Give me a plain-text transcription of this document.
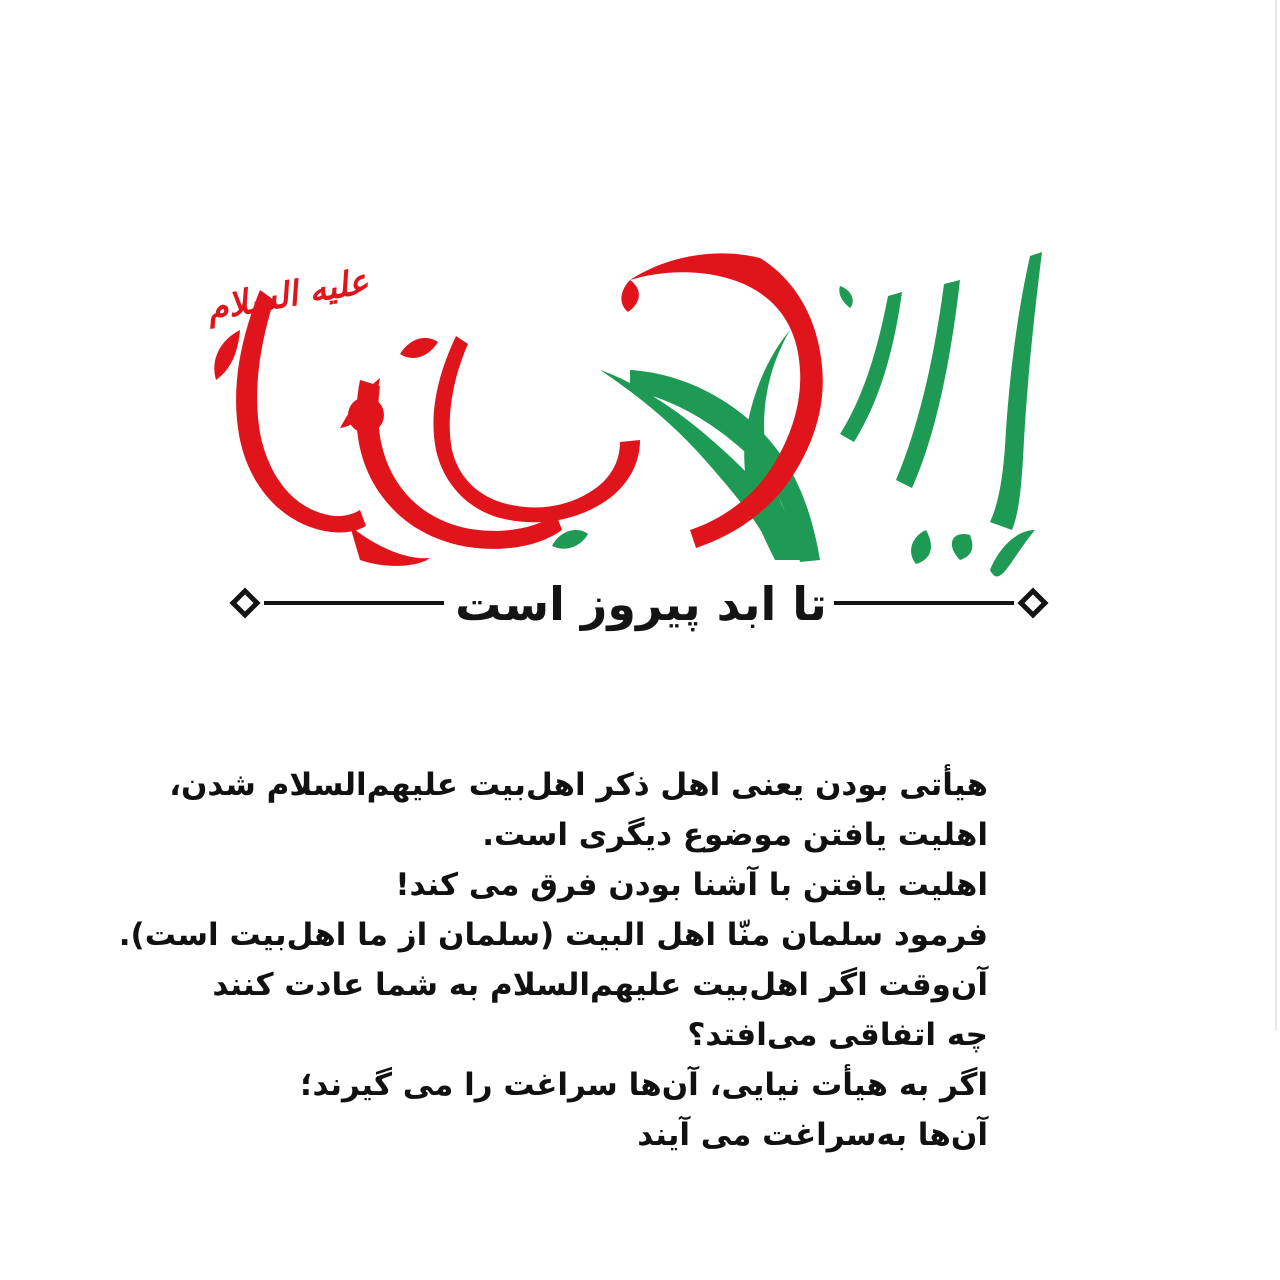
علیه السلام
تا ابد پیروز است
هیأتی بودن یعنی اهل ذکر اهل‌بیت علیهم‌السلام شدن،
اهلیت یافتن موضوع دیگری است.
اهلیت یافتن با آشنا بودن فرق می کند!
فرمود سلمان منّا اهل البیت (سلمان از ما اهل‌بیت است).
آن‌وقت اگر اهل‌بیت علیهم‌السلام به شما عادت کنند
چه اتفاقی می‌افتد؟
اگر به هیأت نیایی، آن‌ها سراغت را می گیرند؛
آن‌ها به‌سراغت می آیند
